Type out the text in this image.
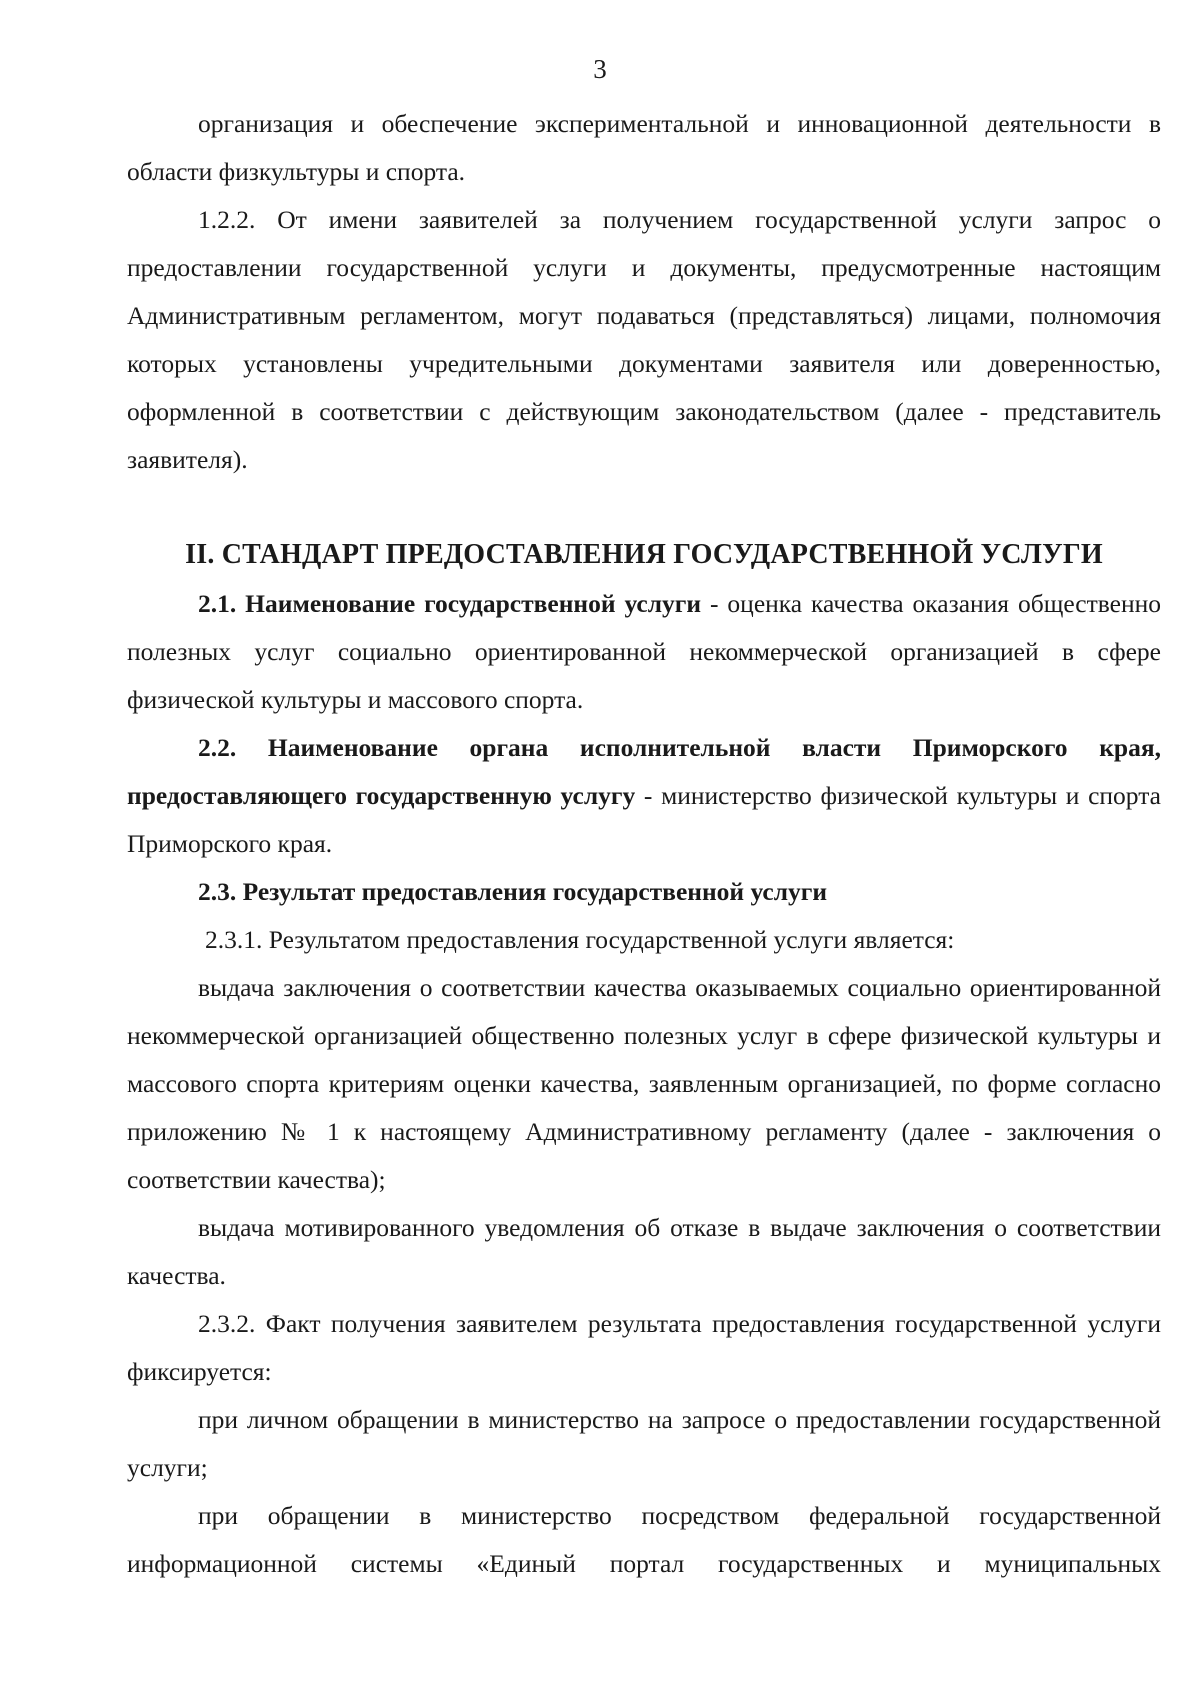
3

организация и обеспечение экспериментальной и инновационной деятельности в области физкультуры и спорта.

1.2.2. От имени заявителей за получением государственной услуги запрос о предоставлении государственной услуги и документы, предусмотренные настоящим Административным регламентом, могут подаваться (представляться) лицами, полномочия которых установлены учредительными документами заявителя или доверенностью, оформленной в соответствии с действующим законодательством (далее - представитель заявителя).

II. СТАНДАРТ ПРЕДОСТАВЛЕНИЯ ГОСУДАРСТВЕННОЙ УСЛУГИ

2.1. Наименование государственной услуги - оценка качества оказания общественно полезных услуг социально ориентированной некоммерческой организацией в сфере физической культуры и массового спорта.

2.2. Наименование органа исполнительной власти Приморского края, предоставляющего государственную услугу - министерство физической культуры и спорта Приморского края.

2.3. Результат предоставления государственной услуги

2.3.1. Результатом предоставления государственной услуги является:

выдача заключения о соответствии качества оказываемых социально ориентированной некоммерческой организацией общественно полезных услуг в сфере физической культуры и массового спорта критериям оценки качества, заявленным организацией, по форме согласно приложению № 1 к настоящему Административному регламенту (далее - заключения о соответствии качества);

выдача мотивированного уведомления об отказе в выдаче заключения о соответствии качества.

2.3.2. Факт получения заявителем результата предоставления государственной услуги фиксируется:

при личном обращении в министерство на запросе о предоставлении государственной услуги;

при обращении в министерство посредством федеральной государственной информационной системы «Единый портал государственных и муниципальных
